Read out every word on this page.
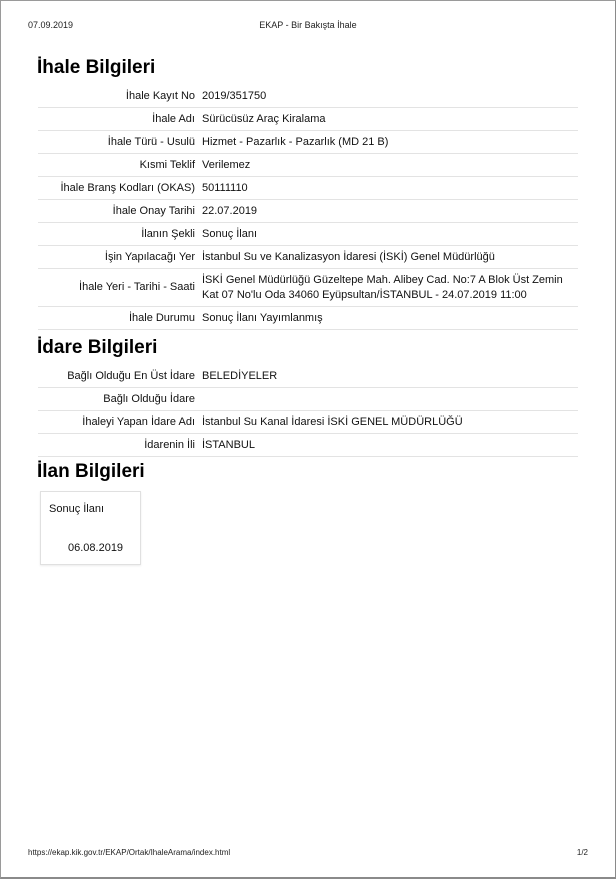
07.09.2019	EKAP - Bir Bakışta İhale
İhale Bilgileri
İhale Kayıt No	2019/351750
İhale Adı	Sürücüsüz Araç Kiralama
İhale Türü - Usulü	Hizmet - Pazarlık - Pazarlık (MD 21 B)
Kısmi Teklif	Verilemez
İhale Branş Kodları (OKAS)	50111110
İhale Onay Tarihi	22.07.2019
İlanın Şekli	Sonuç İlanı
İşin Yapılacağı Yer	İstanbul Su ve Kanalizasyon İdaresi (İSKİ) Genel Müdürlüğü
İhale Yeri - Tarihi - Saati	İSKİ Genel Müdürlüğü Güzeltepe Mah. Alibey Cad. No:7 A Blok Üst Zemin Kat 07 No'lu Oda 34060 Eyüpsultan/İSTANBUL - 24.07.2019 11:00
İhale Durumu	Sonuç İlanı Yayımlanmış
İdare Bilgileri
Bağlı Olduğu En Üst İdare	BELEDİYELER
Bağlı Olduğu İdare	
İhaleyi Yapan İdare Adı	İstanbul Su Kanal İdaresi İSKİ GENEL MÜDÜRLÜĞÜ
İdarenin İli	İSTANBUL
İlan Bilgileri
Sonuç İlanı
06.08.2019
https://ekap.kik.gov.tr/EKAP/Ortak/IhaleArama/index.html	1/2
